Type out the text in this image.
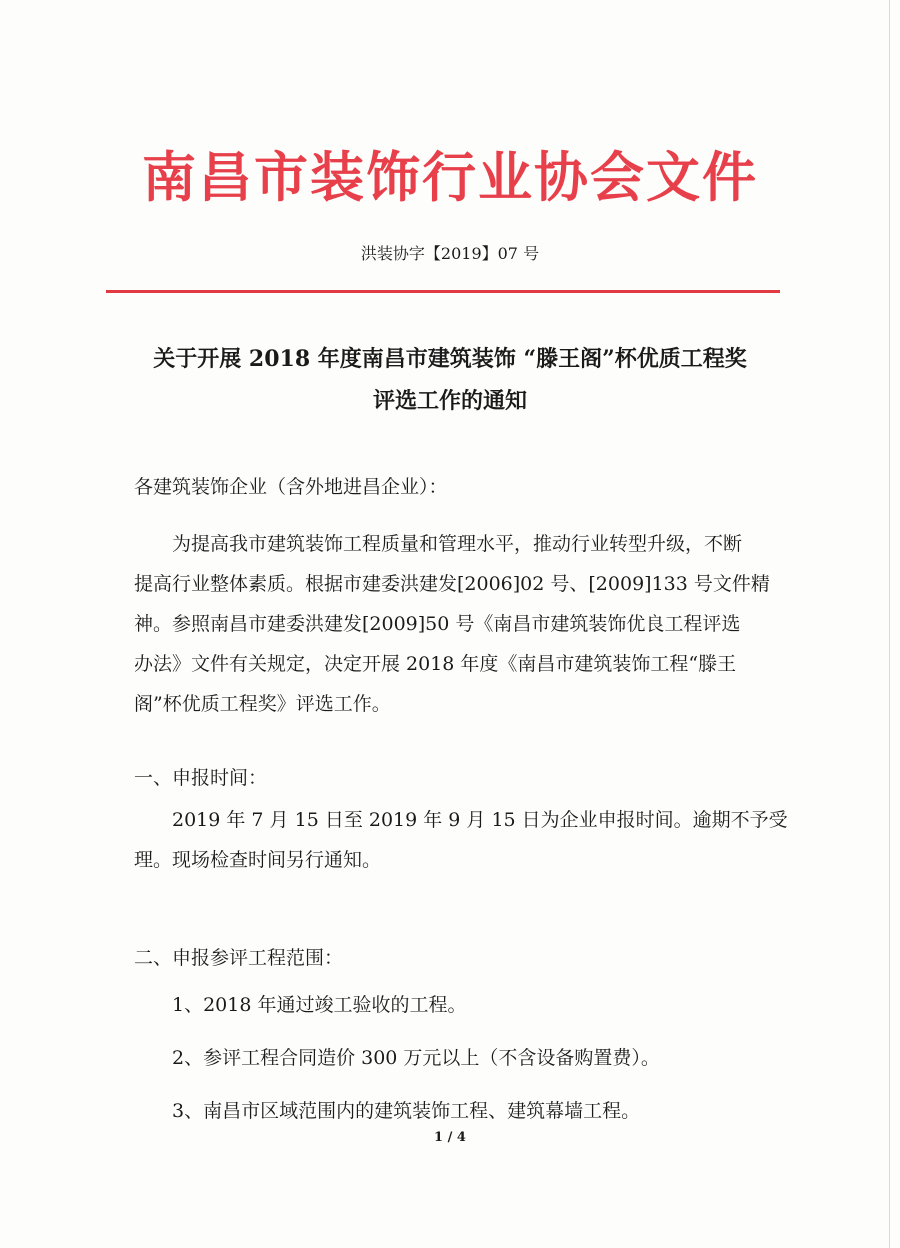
南昌市装饰行业协会文件
洪装协字【2019】07 号
关于开展 2018 年度南昌市建筑装饰 “滕王阁”杯优质工程奖
评选工作的通知
各建筑装饰企业（含外地进昌企业）：
为提高我市建筑装饰工程质量和管理水平，推动行业转型升级，不断
提高行业整体素质。根据市建委洪建发[2006]02 号、[2009]133 号文件精
神。参照南昌市建委洪建发[2009]50 号《南昌市建筑装饰优良工程评选
办法》文件有关规定，决定开展 2018 年度《南昌市建筑装饰工程“滕王
阁”杯优质工程奖》评选工作。
一、申报时间：
2019 年 7 月 15 日至 2019 年 9 月 15 日为企业申报时间。逾期不予受
理。现场检查时间另行通知。
二、申报参评工程范围：
1、2018 年通过竣工验收的工程。
2、参评工程合同造价 300 万元以上（不含设备购置费）。
3、南昌市区域范围内的建筑装饰工程、建筑幕墙工程。
1 / 4
